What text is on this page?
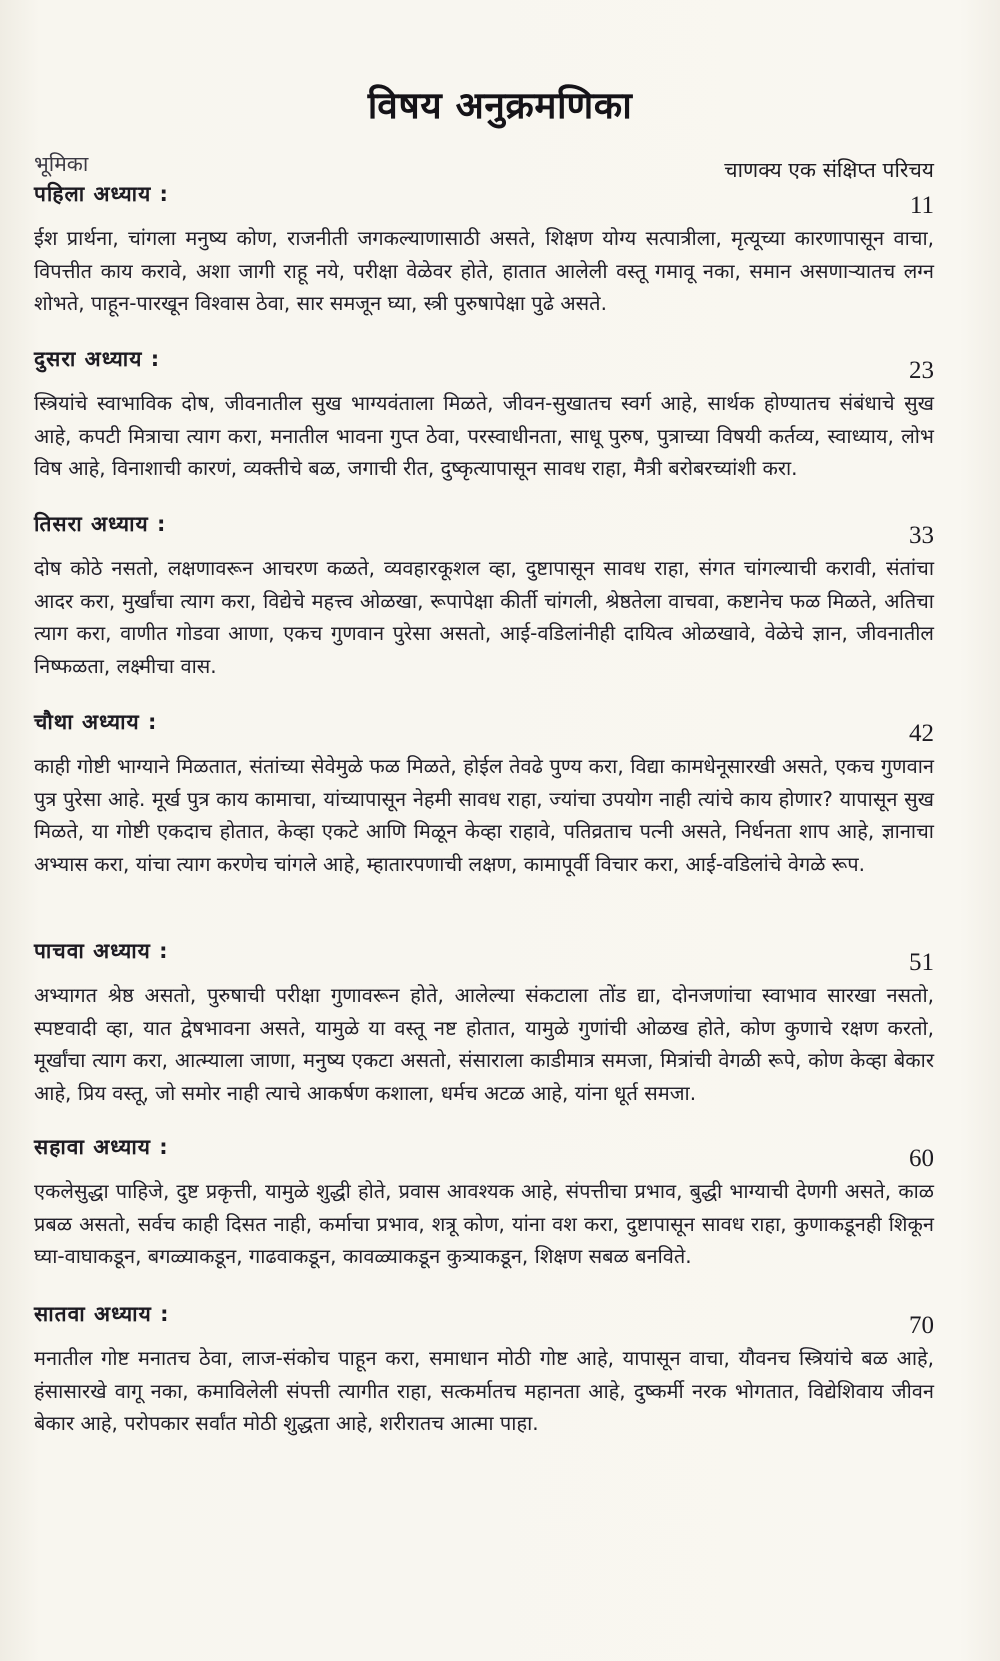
विषय अनुक्रमणिका
भूमिका	चाणक्य एक संक्षिप्त परिचय
पहिला अध्याय :	11

ईश प्रार्थना, चांगला मनुष्य कोण, राजनीती जगकल्याणासाठी असते, शिक्षण योग्य सत्पात्रीला, मृत्यूच्या कारणापासून वाचा, विपत्तीत काय करावे, अशा जागी राहू नये, परीक्षा वेळेवर होते, हातात आलेली वस्तू गमावू नका, समान असणाऱ्यातच लग्न शोभते, पाहून-पारखून विश्वास ठेवा, सार समजून घ्या, स्त्री पुरुषापेक्षा पुढे असते.

दुसरा अध्याय :	23

स्त्रियांचे स्वाभाविक दोष, जीवनातील सुख भाग्यवंताला मिळते, जीवन-सुखातच स्वर्ग आहे, सार्थक होण्यातच संबंधाचे सुख आहे, कपटी मित्राचा त्याग करा, मनातील भावना गुप्त ठेवा, परस्वाधीनता, साधू पुरुष, पुत्राच्या विषयी कर्तव्य, स्वाध्याय, लोभ विष आहे, विनाशाची कारणं, व्यक्तीचे बळ, जगाची रीत, दुष्कृत्यापासून सावध राहा, मैत्री बरोबरच्यांशी करा.

तिसरा अध्याय :	33

दोष कोठे नसतो, लक्षणावरून आचरण कळते, व्यवहारकूशल व्हा, दुष्टापासून सावध राहा, संगत चांगल्याची करावी, संतांचा आदर करा, मुर्खांचा त्याग करा, विद्येचे महत्त्व ओळखा, रूपापेक्षा कीर्ती चांगली, श्रेष्ठतेला वाचवा, कष्टानेच फळ मिळते, अतिचा त्याग करा, वाणीत गोडवा आणा, एकच गुणवान पुरेसा असतो, आई-वडिलांनीही दायित्व ओळखावे, वेळेचे ज्ञान, जीवनातील निष्फळता, लक्ष्मीचा वास.

चौथा अध्याय :	42

काही गोष्टी भाग्याने मिळतात, संतांच्या सेवेमुळे फळ मिळते, होईल तेवढे पुण्य करा, विद्या कामधेनूसारखी असते, एकच गुणवान पुत्र पुरेसा आहे. मूर्ख पुत्र काय कामाचा, यांच्यापासून नेहमी सावध राहा, ज्यांचा उपयोग नाही त्यांचे काय होणार? यापासून सुख मिळते, या गोष्टी एकदाच होतात, केव्हा एकटे आणि मिळून केव्हा राहावे, पतिव्रताच पत्नी असते, निर्धनता शाप आहे, ज्ञानाचा अभ्यास करा, यांचा त्याग करणेच चांगले आहे, म्हातारपणाची लक्षण, कामापूर्वी विचार करा, आई-वडिलांचे वेगळे रूप.

पाचवा अध्याय :	51

अभ्यागत श्रेष्ठ असतो, पुरुषाची परीक्षा गुणावरून होते, आलेल्या संकटाला तोंड द्या, दोनजणांचा स्वाभाव सारखा नसतो, स्पष्टवादी व्हा, यात द्वेषभावना असते, यामुळे या वस्तू नष्ट होतात, यामुळे गुणांची ओळख होते, कोण कुणाचे रक्षण करतो, मूर्खांचा त्याग करा, आत्म्याला जाणा, मनुष्य एकटा असतो, संसाराला काडीमात्र समजा, मित्रांची वेगळी रूपे, कोण केव्हा बेकार आहे, प्रिय वस्तू, जो समोर नाही त्याचे आकर्षण कशाला, धर्मच अटळ आहे, यांना धूर्त समजा.

सहावा अध्याय :	60

एकलेसुद्धा पाहिजे, दुष्ट प्रकृत्ती, यामुळे शुद्धी होते, प्रवास आवश्यक आहे, संपत्तीचा प्रभाव, बुद्धी भाग्याची देणगी असते, काळ प्रबळ असतो, सर्वच काही दिसत नाही, कर्माचा प्रभाव, शत्रू कोण, यांना वश करा, दुष्टापासून सावध राहा, कुणाकडूनही शिकून घ्या-वाघाकडून, बगळ्याकडून, गाढवाकडून, कावळ्याकडून कुत्र्याकडून, शिक्षण सबळ बनविते.

सातवा अध्याय :	70

मनातील गोष्ट मनातच ठेवा, लाज-संकोच पाहून करा, समाधान मोठी गोष्ट आहे, यापासून वाचा, यौवनच स्त्रियांचे बळ आहे, हंसासारखे वागू नका, कमाविलेली संपत्ती त्यागीत राहा, सत्कर्मातच महानता आहे, दुष्कर्मी नरक भोगतात, विद्येशिवाय जीवन बेकार आहे, परोपकार सर्वांत मोठी शुद्धता आहे, शरीरातच आत्मा पाहा.
